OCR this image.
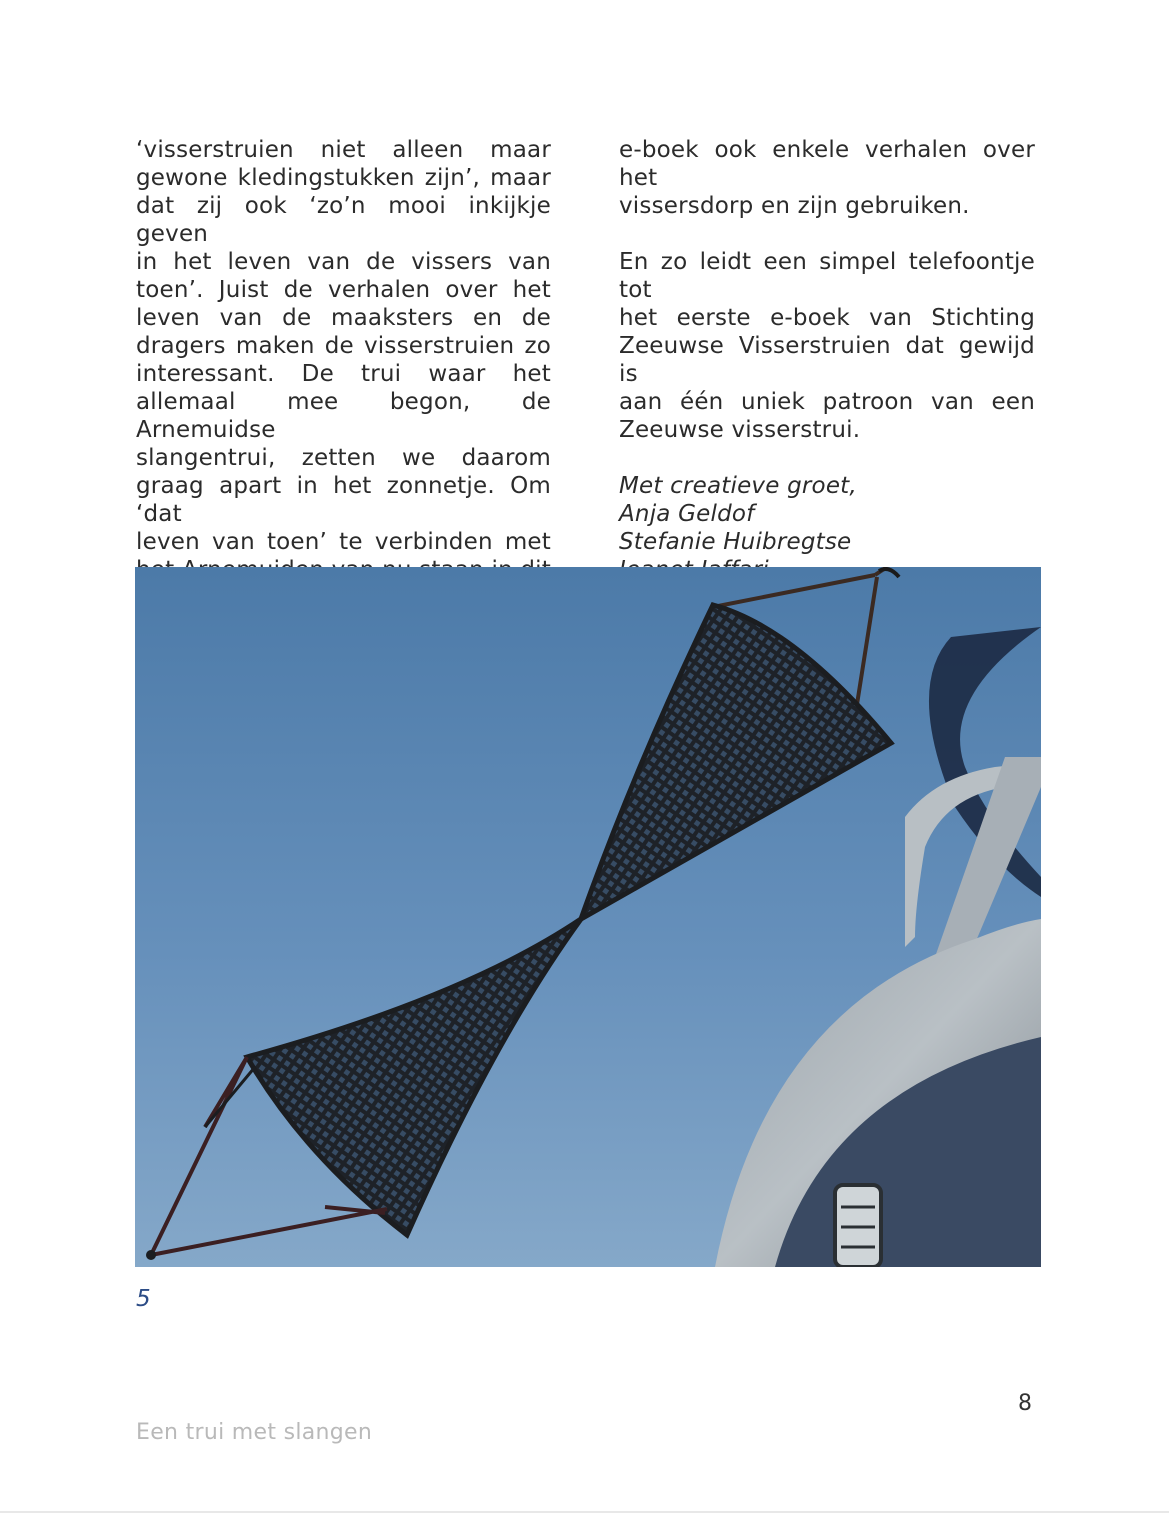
‘visserstruien niet alleen maar
gewone kledingstukken zijn’, maar
dat zij ook ‘zo’n mooi inkijkje geven
in het leven van de vissers van
toen’. Juist de verhalen over het
leven van de maaksters en de
dragers maken de visserstruien zo
interessant. De trui waar het
allemaal mee begon, de Arnemuidse
slangentrui, zetten we daarom
graag apart in het zonnetje. Om ‘dat
leven van toen’ te verbinden met
e-boek ook enkele verhalen over het
vissersdorp en zijn gebruiken.
En zo leidt een simpel telefoontje tot
het eerste e-boek van Stichting
Zeeuwse Visserstruien dat gewijd is
aan één uniek patroon van een
Zeeuwse visserstrui.
Met creatieve groet,
Anja Geldof
Stefanie Huibregtse
5
8
Een trui met slangen
